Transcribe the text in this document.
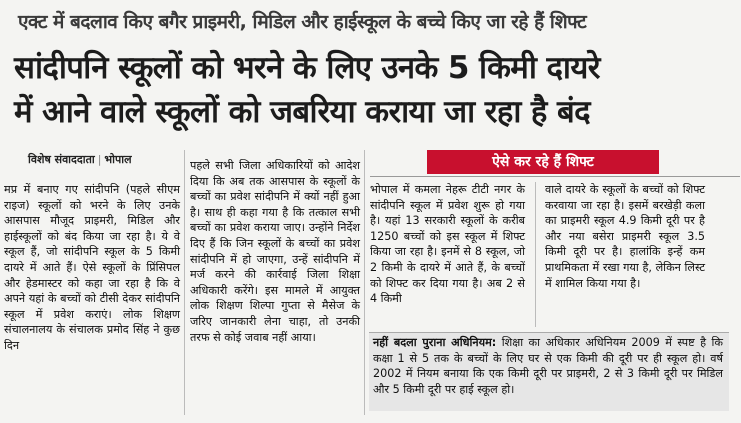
एक्ट में बदलाव किए बगैर प्राइमरी, मिडिल और हाईस्कूल के बच्चे किए जा रहे हैं शिफ्ट
सांदीपनि स्कूलों को भरने के लिए उनके 5 किमी दायरे
में आने वाले स्कूलों को जबरिया कराया जा रहा है बंद
विशेष संवाददाता | भोपाल

मप्र में बनाए गए सांदीपनि (पहले सीएम राइज) स्कूलों को भरने के लिए उनके आसपास मौजूद प्राइमरी, मिडिल और हाईस्कूलों को बंद किया जा रहा है। ये वे स्कूल हैं, जो सांदीपनि स्कूल के 5 किमी दायरे में आते हैं। ऐसे स्कूलों के प्रिंसिपल और हेडमास्टर को कहा जा रहा है कि वे अपने यहां के बच्चों को टीसी देकर सांदीपनि स्कूल में प्रवेश कराएं। लोक शिक्षण संचालनालय के संचालक प्रमोद सिंह ने कुछ दिन

पहले सभी जिला अधिकारियों को आदेश दिया कि अब तक आसपास के स्कूलों के बच्चों का प्रवेश सांदीपनि में क्यों नहीं हुआ है। साथ ही कहा गया है कि तत्काल सभी बच्चों का प्रवेश कराया जाए। उन्होंने निर्देश दिए हैं कि जिन स्कूलों के बच्चों का प्रवेश सांदीपनि में हो जाएगा, उन्हें सांदीपनि में मर्ज करने की कार्रवाई जिला शिक्षा अधिकारी करेंगे। इस मामले में आयुक्त लोक शिक्षण शिल्पा गुप्ता से मैसेज के जरिए जानकारी लेना चाहा, तो उनकी तरफ से कोई जवाब नहीं आया।

ऐसे कर रहे हैं शिफ्ट

भोपाल में कमला नेहरू टीटी नगर के सांदीपनि स्कूल में प्रवेश शुरू हो गया है। यहां 13 सरकारी स्कूलों के करीब 1250 बच्चों को इस स्कूल में शिफ्ट किया जा रहा है। इनमें से 8 स्कूल, जो 2 किमी के दायरे में आते हैं, के बच्चों को शिफ्ट कर दिया गया है। अब 2 से 4 किमी

वाले दायरे के स्कूलों के बच्चों को शिफ्ट करवाया जा रहा है। इसमें बरखेड़ी कला का प्राइमरी स्कूल 4.9 किमी दूरी पर है और नया बसेरा प्राइमरी स्कूल 3.5 किमी दूरी पर है। हालांकि इन्हें कम प्राथमिकता में रखा गया है, लेकिन लिस्ट में शामिल किया गया है।

नहीं बदला पुराना अधिनियम: शिक्षा का अधिकार अधिनियम 2009 में स्पष्ट है कि कक्षा 1 से 5 तक के बच्चों के लिए घर से एक किमी की दूरी पर ही स्कूल हो। वर्ष 2002 में नियम बनाया कि एक किमी दूरी पर प्राइमरी, 2 से 3 किमी दूरी पर मिडिल और 5 किमी दूरी पर हाई स्कूल हो।
